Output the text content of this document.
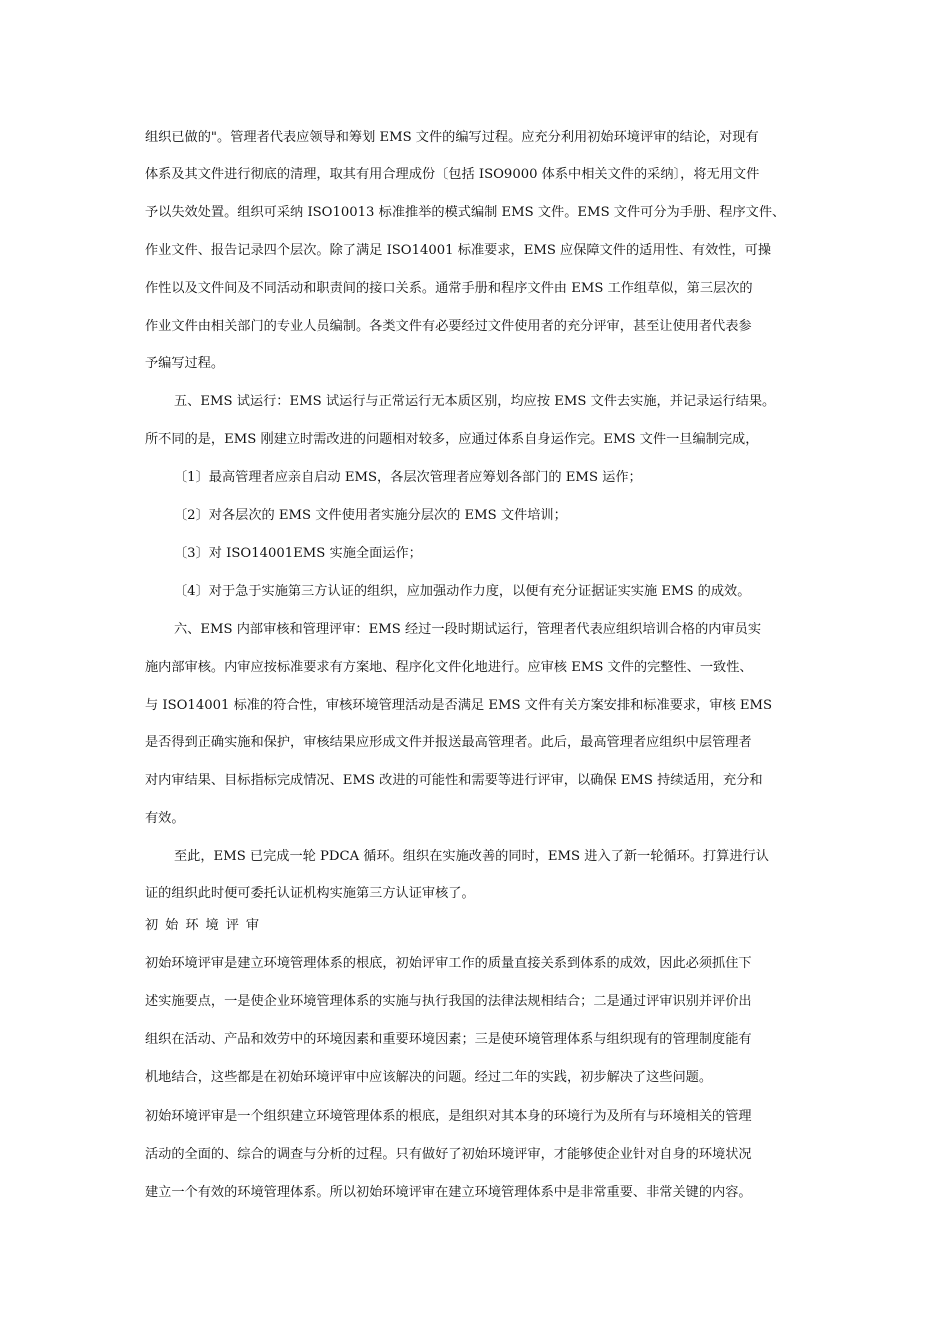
组织已做的"。管理者代表应领导和筹划 EMS 文件的编写过程。应充分利用初始环境评审的结论，对现有
体系及其文件进行彻底的清理，取其有用合理成份〔包括 ISO9000 体系中相关文件的采纳〕，将无用文件
予以失效处置。组织可采纳 ISO10013 标准推举的模式编制 EMS 文件。EMS 文件可分为手册、程序文件、
作业文件、报告记录四个层次。除了满足 ISO14001 标准要求，EMS 应保障文件的适用性、有效性，可操
作性以及文件间及不同活动和职责间的接口关系。通常手册和程序文件由 EMS 工作组草似，第三层次的
作业文件由相关部门的专业人员编制。各类文件有必要经过文件使用者的充分评审，甚至让使用者代表参
予编写过程。
五、EMS 试运行：EMS 试运行与正常运行无本质区别，均应按 EMS 文件去实施，并记录运行结果。
所不同的是，EMS 刚建立时需改进的问题相对较多，应通过体系自身运作完。EMS 文件一旦编制完成，
〔1〕最高管理者应亲自启动 EMS，各层次管理者应筹划各部门的 EMS 运作；
〔2〕对各层次的 EMS 文件使用者实施分层次的 EMS 文件培训；
〔3〕对 ISO14001EMS 实施全面运作；
〔4〕对于急于实施第三方认证的组织，应加强动作力度，以便有充分证据证实实施 EMS 的成效。
六、EMS 内部审核和管理评审：EMS 经过一段时期试运行，管理者代表应组织培训合格的内审员实
施内部审核。内审应按标准要求有方案地、程序化文件化地进行。应审核 EMS 文件的完整性、一致性、
与 ISO14001 标准的符合性，审核环境管理活动是否满足 EMS 文件有关方案安排和标准要求，审核 EMS
是否得到正确实施和保护，审核结果应形成文件并报送最高管理者。此后，最高管理者应组织中层管理者
对内审结果、目标指标完成情况、EMS 改进的可能性和需要等进行评审，以确保 EMS 持续适用，充分和
有效。
至此，EMS 已完成一轮 PDCA 循环。组织在实施改善的同时，EMS 进入了新一轮循环。打算进行认
证的组织此时便可委托认证机构实施第三方认证审核了。
初始环境评审
初始环境评审是建立环境管理体系的根底，初始评审工作的质量直接关系到体系的成效，因此必须抓住下
述实施要点，一是使企业环境管理体系的实施与执行我国的法律法规相结合；二是通过评审识别并评价出
组织在活动、产品和效劳中的环境因素和重要环境因素；三是使环境管理体系与组织现有的管理制度能有
机地结合，这些都是在初始环境评审中应该解决的问题。经过二年的实践，初步解决了这些问题。
初始环境评审是一个组织建立环境管理体系的根底，是组织对其本身的环境行为及所有与环境相关的管理
活动的全面的、综合的调查与分析的过程。只有做好了初始环境评审，才能够使企业针对自身的环境状况
建立一个有效的环境管理体系。所以初始环境评审在建立环境管理体系中是非常重要、非常关键的内容。
